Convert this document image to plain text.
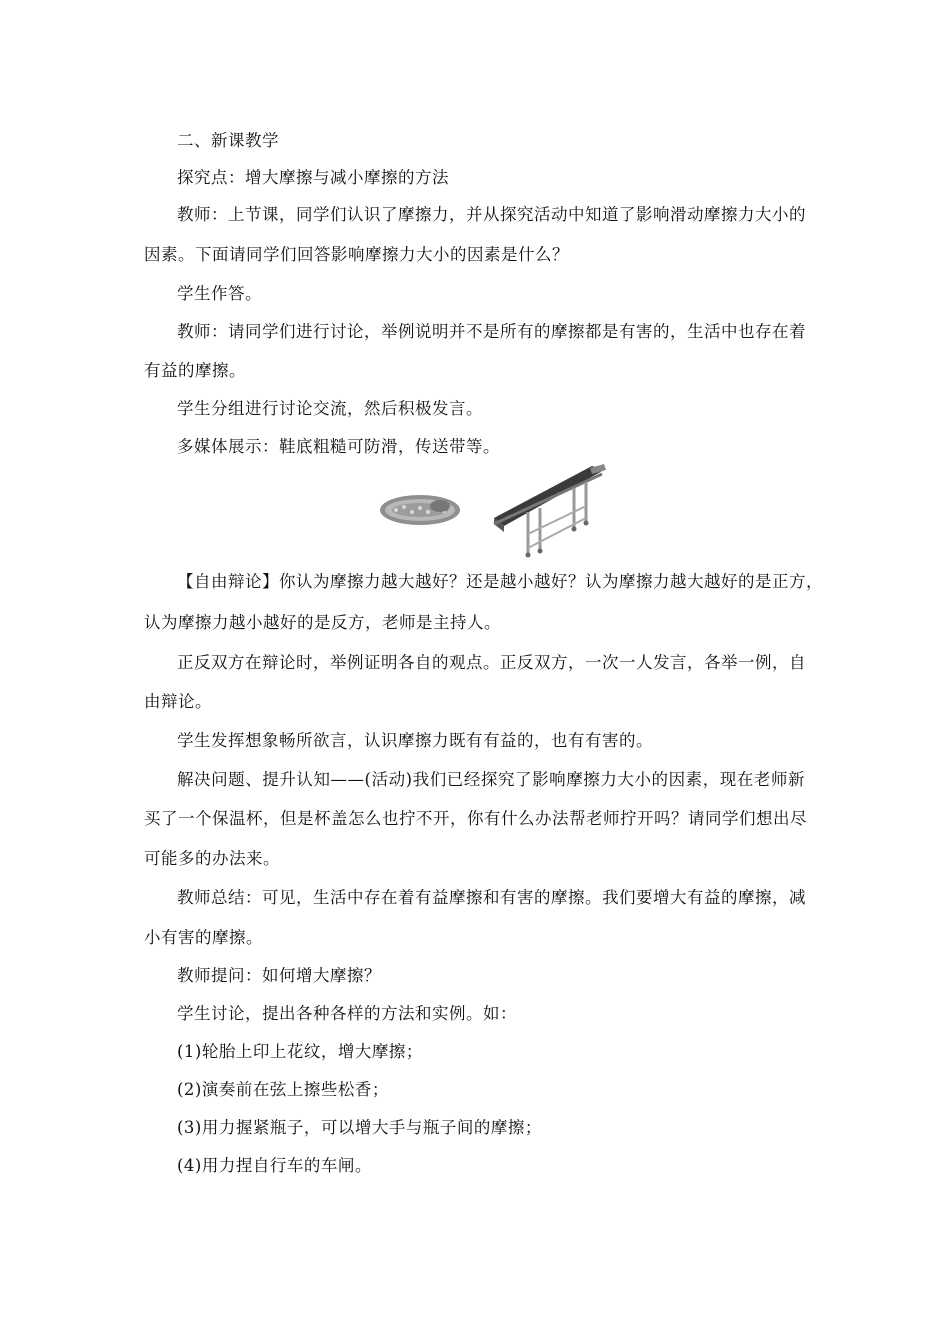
二、新课教学
探究点：增大摩擦与减小摩擦的方法
教师：上节课，同学们认识了摩擦力，并从探究活动中知道了影响滑动摩擦力大小的
因素。下面请同学们回答影响摩擦力大小的因素是什么？
学生作答。
教师：请同学们进行讨论，举例说明并不是所有的摩擦都是有害的，生活中也存在着
有益的摩擦。
学生分组进行讨论交流，然后积极发言。
多媒体展示：鞋底粗糙可防滑，传送带等。
【自由辩论】你认为摩擦力越大越好？还是越小越好？认为摩擦力越大越好的是正方，
认为摩擦力越小越好的是反方，老师是主持人。
正反双方在辩论时，举例证明各自的观点。正反双方，一次一人发言，各举一例，自
由辩论。
学生发挥想象畅所欲言，认识摩擦力既有有益的，也有有害的。
解决问题、提升认知——(活动)我们已经探究了影响摩擦力大小的因素，现在老师新
买了一个保温杯，但是杯盖怎么也拧不开，你有什么办法帮老师拧开吗？请同学们想出尽
可能多的办法来。
教师总结：可见，生活中存在着有益摩擦和有害的摩擦。我们要增大有益的摩擦，减
小有害的摩擦。
教师提问：如何增大摩擦？
学生讨论，提出各种各样的方法和实例。如：
(1)轮胎上印上花纹，增大摩擦；
(2)演奏前在弦上擦些松香；
(3)用力握紧瓶子，可以增大手与瓶子间的摩擦；
(4)用力捏自行车的车闸。
